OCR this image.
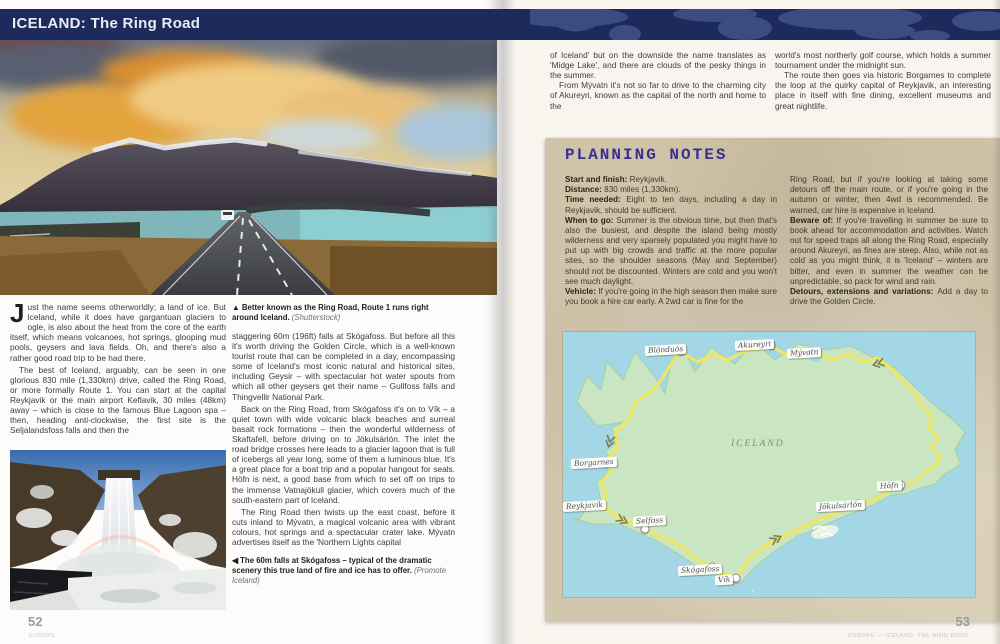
Just the name seems otherworldly; a land of ice. But Iceland, while it does have gargantuan glaciers to ogle, is also about the heat from the core of the earth itself, which means volcanoes, hot springs, glooping mud pools, geysers and lava fields. Oh, and there's also a rather good road trip to be had there.

The best of Iceland, arguably, can be seen in one glorious 830 mile (1,330km) drive, called the Ring Road, or more formally Route 1. You can start at the capital Reykjavik or the main airport Keflavik, 30 miles (48km) away – which is close to the famous Blue Lagoon spa – then, heading anti-clockwise, the first site is the Seljalandsfoss falls and then the

▲ Better known as the Ring Road, Route 1 runs right around Iceland. (Shutterstock)

staggering 60m (196ft) falls at Skógafoss. But before all this it's worth driving the Golden Circle, which is a well-known tourist route that can be completed in a day, encompassing some of Iceland's most iconic natural and historical sites, including Geysir – with spectacular hot water spouts from which all other geysers get their name – Gullfoss falls and Thingvellir National Park.

Back on the Ring Road, from Skógafoss it's on to Vík – a quiet town with wide volcanic black beaches and surreal basalt rock formations – then the wonderful wilderness of Skaftafell, before driving on to Jökulsárlón. The inlet the road bridge crosses here leads to a glacier lagoon that is full of icebergs all year long, some of them a luminous blue. It's a great place for a boat trip and a popular hangout for seals. Höfn is next, a good base from which to set off on trips to the immense Vatnajökull glacier, which covers much of the south-eastern part of Iceland.

The Ring Road then twists up the east coast, before it cuts inland to Mývatn, a magical volcanic area with vibrant colours, hot springs and a spectacular crater lake. Mývatn advertises itself as the 'Northern Lights capital

◀ The 60m falls at Skógafoss – typical of the dramatic scenery this true land of fire and ice has to offer. (Promote Iceland)

52
EUROPE

of Iceland' but on the downside the name translates as 'Midge Lake', and there are clouds of the pesky things in the summer.

From Mývatn it's not so far to drive to the charming city of Akureyri, known as the capital of the north and home to the

world's most northerly golf course, which holds a summer tournament under the midnight sun.

The route then goes via historic Borgarnes to complete the loop at the quirky capital of Reykjavik, an interesting place in itself with fine dining, excellent museums and great nightlife.

PLANNING NOTES

Start and finish: Reykjavik.

Distance: 830 miles (1,330km).

Time needed: Eight to ten days, including a day in Reykjavik, should be sufficient.

When to go: Summer is the obvious time, but then that's also the busiest, and despite the island being mostly wilderness and very sparsely populated you might have to put up with big crowds and traffic at the more popular sites, so the shoulder seasons (May and September) should not be discounted. Winters are cold and you won't see much daylight.

Vehicle: If you're going in the high season then make sure you book a hire car early. A 2wd car is fine for the

Ring Road, but if you're looking at taking some detours off the main route, or if you're going in the autumn or winter, then 4wd is recommended. Be warned, car hire is expensive in Iceland.

Beware of: If you're travelling in summer be sure to book ahead for accommodation and activities. Watch out for speed traps all along the Ring Road, especially around Akureyri, as fines are steep. Also, while not as cold as you might think, it is 'Iceland' – winters are bitter, and even in summer the weather can be unpredictable, so pack for wind and rain.

Detours, extensions and variations: Add a day to drive the Golden Circle.

ICELAND
Blönduós	Akureyri
Mývatn
Borgarnes
Reykjavík
Selfoss
Skógafoss
Vík
Jökulsárlón
Höfn
53
EUROPE — ICELAND: THE RING ROAD
ICELAND: The Ring Road
